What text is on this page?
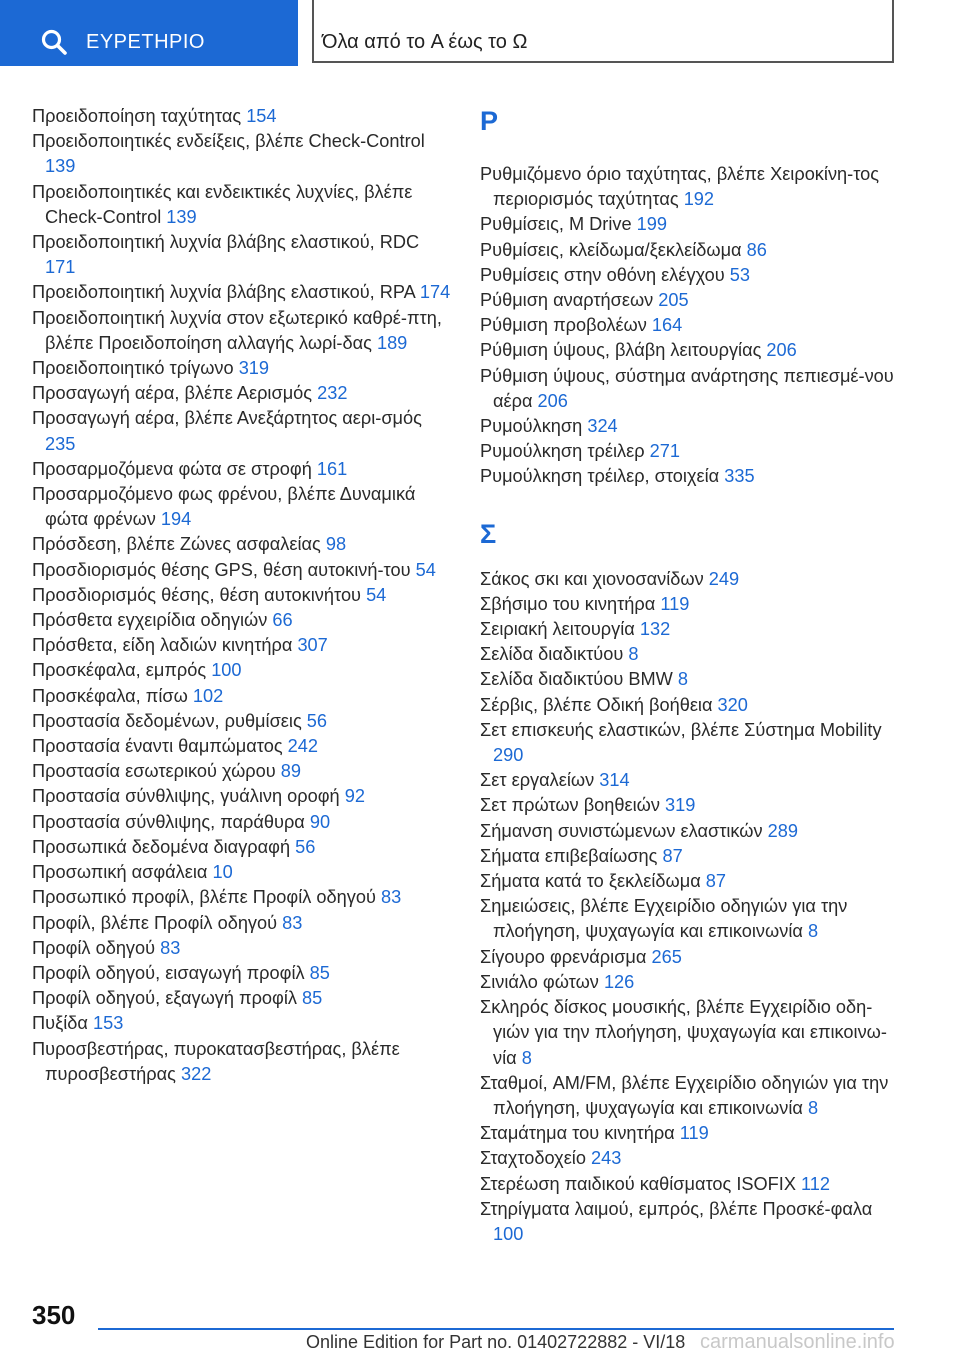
ΕΥΡΕΤΗΡΙΟ	Όλα από το A έως το Ω

Προειδοποίηση ταχύτητας 154

Προειδοποιητικές ενδείξεις, βλέπε Check-Control 139

Προειδοποιητικές και ενδεικτικές λυχνίες, βλέπε Check-Control 139

Προειδοποιητική λυχνία βλάβης ελαστικού, RDC 171

Προειδοποιητική λυχνία βλάβης ελαστικού, RPA 174

Προειδοποιητική λυχνία στον εξωτερικό καθρέ-πτη, βλέπε Προειδοποίηση αλλαγής λωρί-δας 189

Προειδοποιητικό τρίγωνο 319

Προσαγωγή αέρα, βλέπε Αερισμός 232

Προσαγωγή αέρα, βλέπε Ανεξάρτητος αερι-σμός 235

Προσαρμοζόμενα φώτα σε στροφή 161

Προσαρμοζόμενο φως φρένου, βλέπε Δυναμικά φώτα φρένων 194

Πρόσδεση, βλέπε Ζώνες ασφαλείας 98

Προσδιορισμός θέσης GPS, θέση αυτοκινή-του 54

Προσδιορισμός θέσης, θέση αυτοκινήτου 54

Πρόσθετα εγχειρίδια οδηγιών 66

Πρόσθετα, είδη λαδιών κινητήρα 307

Προσκέφαλα, εμπρός 100

Προσκέφαλα, πίσω 102

Προστασία δεδομένων, ρυθμίσεις 56

Προστασία έναντι θαμπώματος 242

Προστασία εσωτερικού χώρου 89

Προστασία σύνθλιψης, γυάλινη οροφή 92

Προστασία σύνθλιψης, παράθυρα 90

Προσωπικά δεδομένα διαγραφή 56

Προσωπική ασφάλεια 10

Προσωπικό προφίλ, βλέπε Προφίλ οδηγού 83

Προφίλ, βλέπε Προφίλ οδηγού 83

Προφίλ οδηγού 83

Προφίλ οδηγού, εισαγωγή προφίλ 85

Προφίλ οδηγού, εξαγωγή προφίλ 85

Πυξίδα 153

Πυροσβεστήρας, πυροκατασβεστήρας, βλέπε πυροσβεστήρας 322

Ρ

Ρυθμιζόμενο όριο ταχύτητας, βλέπε Χειροκίνη-τος περιορισμός ταχύτητας 192

Ρυθμίσεις, M Drive 199

Ρυθμίσεις, κλείδωμα/ξεκλείδωμα 86

Ρυθμίσεις στην οθόνη ελέγχου 53

Ρύθμιση αναρτήσεων 205

Ρύθμιση προβολέων 164

Ρύθμιση ύψους, βλάβη λειτουργίας 206

Ρύθμιση ύψους, σύστημα ανάρτησης πεπιεσμέ-νου αέρα 206

Ρυμούλκηση 324

Ρυμούλκηση τρέιλερ 271

Ρυμούλκηση τρέιλερ, στοιχεία 335

Σ

Σάκος σκι και χιονοσανίδων 249

Σβήσιμο του κινητήρα 119

Σειριακή λειτουργία 132

Σελίδα διαδικτύου 8

Σελίδα διαδικτύου BMW 8

Σέρβις, βλέπε Οδική βοήθεια 320

Σετ επισκευής ελαστικών, βλέπε Σύστημα Mobility 290

Σετ εργαλείων 314

Σετ πρώτων βοηθειών 319

Σήμανση συνιστώμενων ελαστικών 289

Σήματα επιβεβαίωσης 87

Σήματα κατά το ξεκλείδωμα 87

Σημειώσεις, βλέπε Εγχειρίδιο οδηγιών για την πλοήγηση, ψυχαγωγία και επικοινωνία 8

Σίγουρο φρενάρισμα 265

Σινιάλο φώτων 126

Σκληρός δίσκος μουσικής, βλέπε Εγχειρίδιο οδη-γιών για την πλοήγηση, ψυχαγωγία και επικοινω-νία 8

Σταθμοί, AM/FM, βλέπε Εγχειρίδιο οδηγιών για την πλοήγηση, ψυχαγωγία και επικοινωνία 8

Σταμάτημα του κινητήρα 119

Σταχτοδοχείο 243

Στερέωση παιδικού καθίσματος ISOFIX 112

Στηρίγματα λαιμού, εμπρός, βλέπε Προσκέ-φαλα 100

350
Online Edition for Part no. 01402722882 - VI/18 carmanualsonline.info
